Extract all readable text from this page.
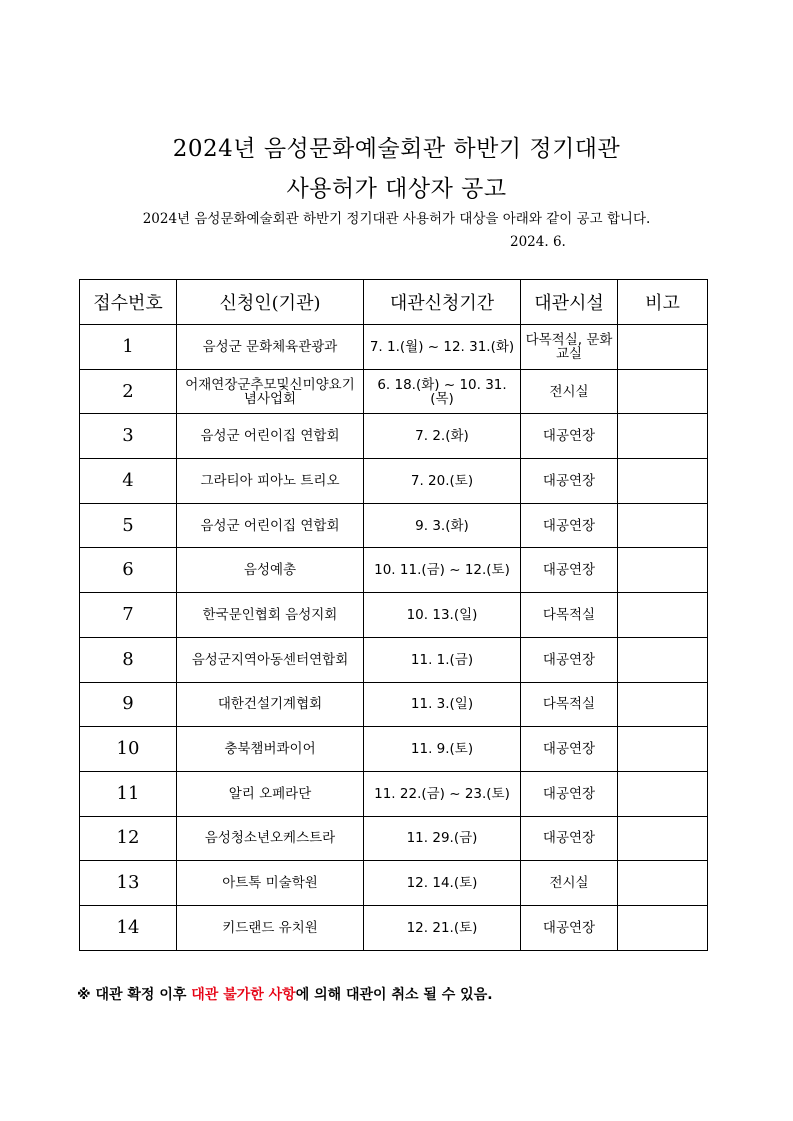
2024년 음성문화예술회관 하반기 정기대관
사용허가 대상자 공고
2024년 음성문화예술회관 하반기 정기대관 사용허가 대상을 아래와 같이 공고 합니다.
2024. 6.
접수번호	신청인(기관)	대관신청기간	대관시설	비고
1	음성군 문화체육관광과	7. 1.(월) ~ 12. 31.(화)	다목적실, 문화교실	
2	어재연장군추모및신미양요기념사업회	6. 18.(화) ~ 10. 31.(목)	전시실	
3	음성군 어린이집 연합회	7. 2.(화)	대공연장	
4	그라티아 피아노 트리오	7. 20.(토)	대공연장	
5	음성군 어린이집 연합회	9. 3.(화)	대공연장	
6	음성예총	10. 11.(금) ~ 12.(토)	대공연장	
7	한국문인협회 음성지회	10. 13.(일)	다목적실	
8	음성군지역아동센터연합회	11. 1.(금)	대공연장	
9	대한건설기계협회	11. 3.(일)	다목적실	
10	충북챔버콰이어	11. 9.(토)	대공연장	
11	알리 오페라단	11. 22.(금) ~ 23.(토)	대공연장	
12	음성청소년오케스트라	11. 29.(금)	대공연장	
13	아트톡 미술학원	12. 14.(토)	전시실	
14	키드랜드 유치원	12. 21.(토)	대공연장	
※ 대관 확정 이후 대관 불가한 사항에 의해 대관이 취소 될 수 있음.
